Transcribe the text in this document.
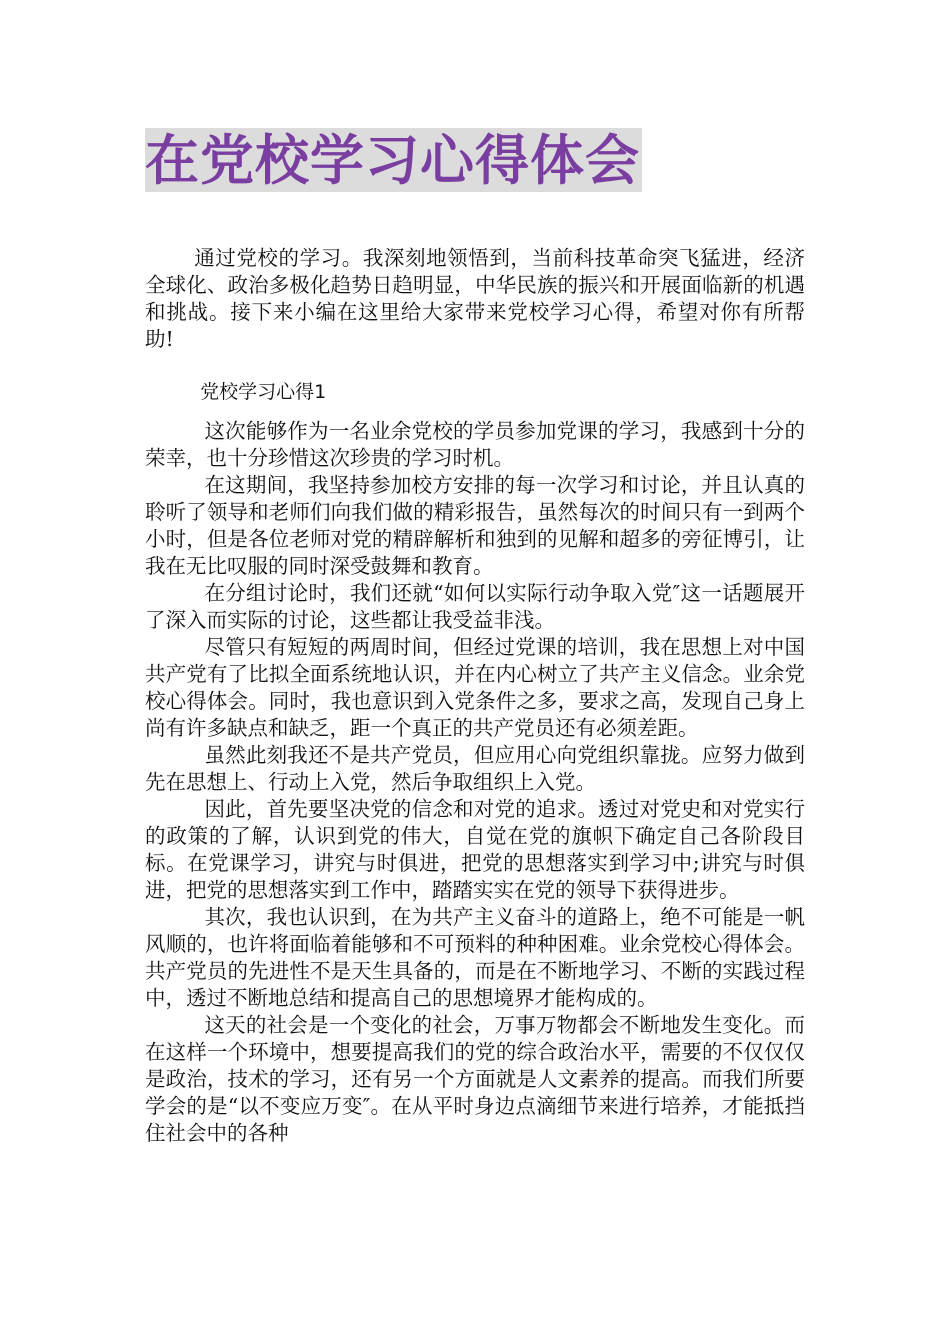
在党校学习心得体会

通过党校的学习。我深刻地领悟到，当前科技革命突飞猛进，经济全球化、政治多极化趋势日趋明显，中华民族的振兴和开展面临新的机遇和挑战。接下来小编在这里给大家带来党校学习心得，希望对你有所帮助!

党校学习心得1

这次能够作为一名业余党校的学员参加党课的学习，我感到十分的荣幸，也十分珍惜这次珍贵的学习时机。

在这期间，我坚持参加校方安排的每一次学习和讨论，并且认真的聆听了领导和老师们向我们做的精彩报告，虽然每次的时间只有一到两个小时，但是各位老师对党的精辟解析和独到的见解和超多的旁征博引，让我在无比叹服的同时深受鼓舞和教育。

在分组讨论时，我们还就“如何以实际行动争取入党″这一话题展开了深入而实际的讨论，这些都让我受益非浅。

尽管只有短短的两周时间，但经过党课的培训，我在思想上对中国共产党有了比拟全面系统地认识，并在内心树立了共产主义信念。业余党校心得体会。同时，我也意识到入党条件之多，要求之高，发现自己身上尚有许多缺点和缺乏，距一个真正的共产党员还有必须差距。

虽然此刻我还不是共产党员，但应用心向党组织靠拢。应努力做到先在思想上、行动上入党，然后争取组织上入党。

因此，首先要坚决党的信念和对党的追求。透过对党史和对党实行的政策的了解，认识到党的伟大，自觉在党的旗帜下确定自己各阶段目标。在党课学习，讲究与时俱进，把党的思想落实到学习中;讲究与时俱进，把党的思想落实到工作中，踏踏实实在党的领导下获得进步。

其次，我也认识到，在为共产主义奋斗的道路上，绝不可能是一帆风顺的，也许将面临着能够和不可预料的种种困难。业余党校心得体会。共产党员的先进性不是天生具备的，而是在不断地学习、不断的实践过程中，透过不断地总结和提高自己的思想境界才能构成的。

这天的社会是一个变化的社会，万事万物都会不断地发生变化。而在这样一个环境中，想要提高我们的党的综合政治水平，需要的不仅仅仅是政治，技术的学习，还有另一个方面就是人文素养的提高。而我们所要学会的是“以不变应万变″。在从平时身边点滴细节来进行培养，才能抵挡住社会中的各种
